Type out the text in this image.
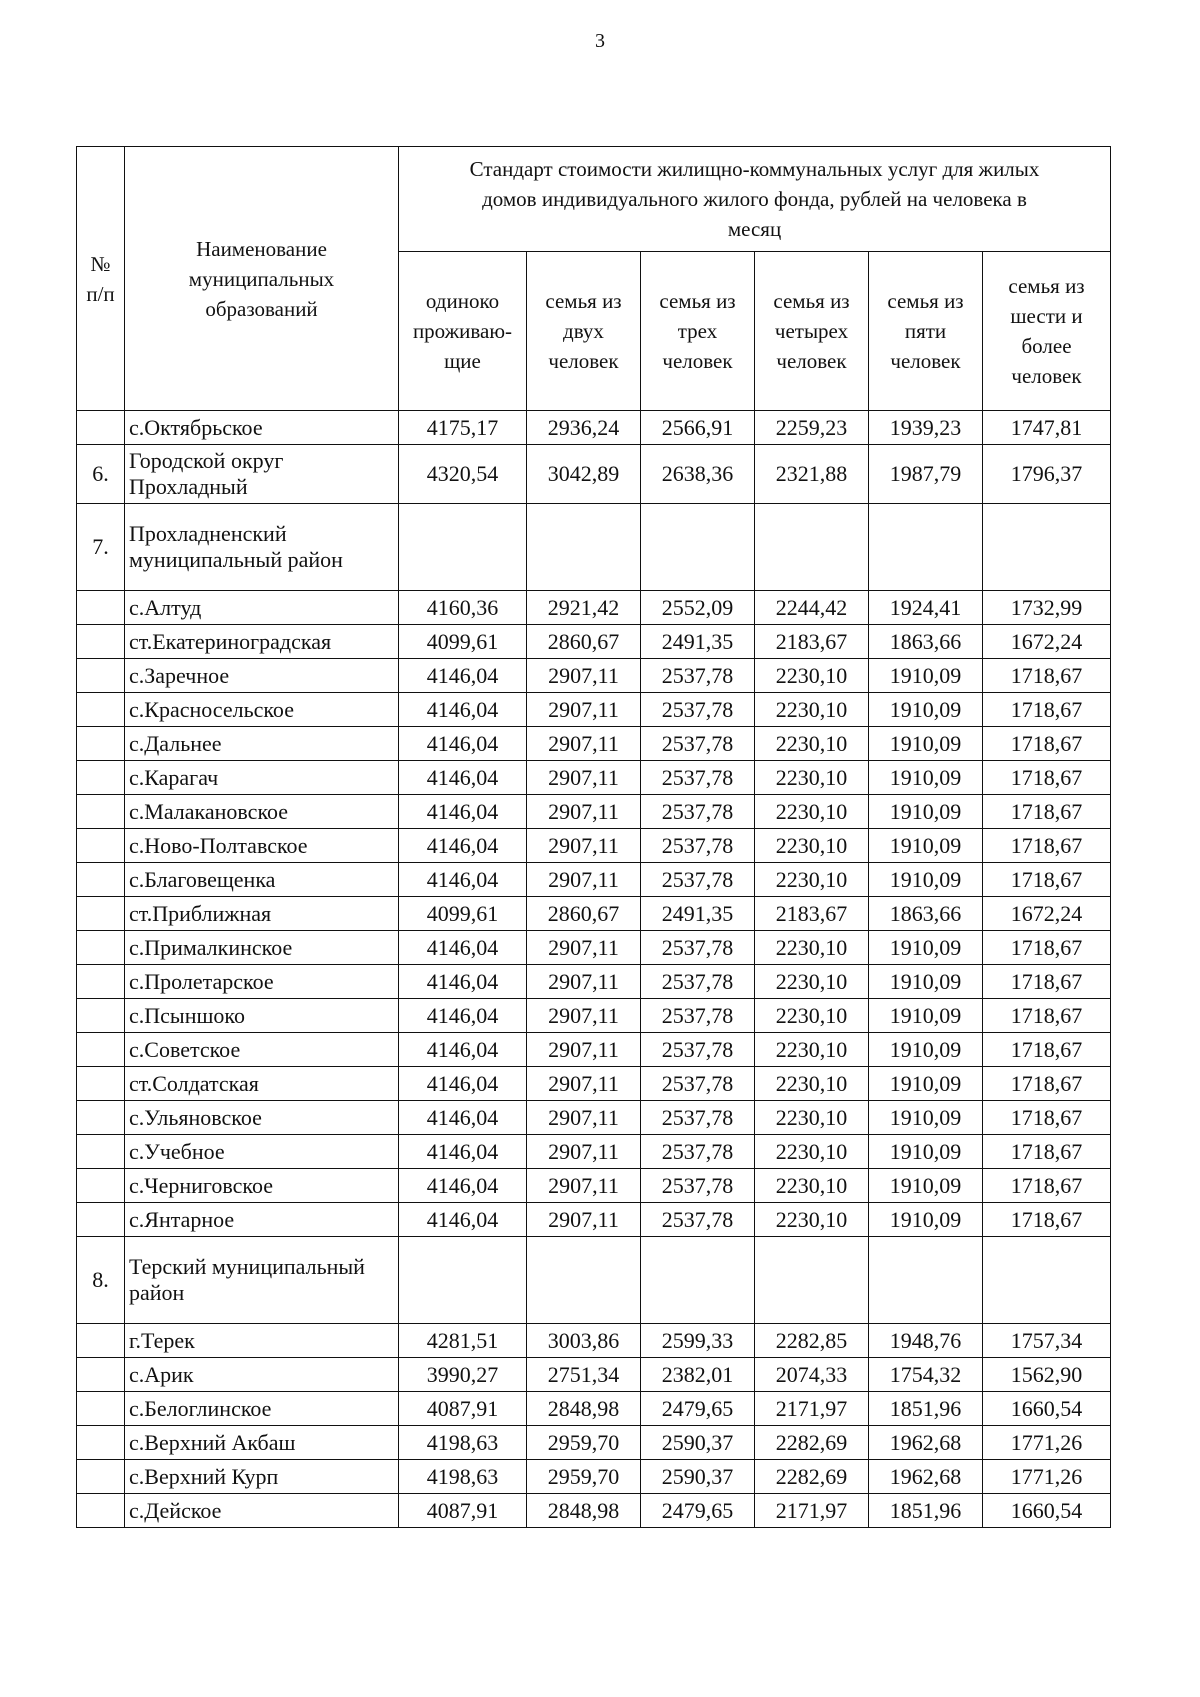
3
№ п/п	Наименование муниципальных образований	Стандарт стоимости жилищно-коммунальных услуг для жилых домов индивидуального жилого фонда, рублей на человека в месяц					
		одиноко проживаю-щие	семья из двух человек	семья из трех человек	семья из четырех человек	семья из пяти человек	семья из шести и более человек
	с.Октябрьское	4175,17	2936,24	2566,91	2259,23	1939,23	1747,81
6.	Городской округ Прохладный	4320,54	3042,89	2638,36	2321,88	1987,79	1796,37
7.	Прохладненский муниципальный район						
	с.Алтуд	4160,36	2921,42	2552,09	2244,42	1924,41	1732,99
	ст.Екатериноградская	4099,61	2860,67	2491,35	2183,67	1863,66	1672,24
	с.Заречное	4146,04	2907,11	2537,78	2230,10	1910,09	1718,67
	с.Красносельское	4146,04	2907,11	2537,78	2230,10	1910,09	1718,67
	с.Дальнее	4146,04	2907,11	2537,78	2230,10	1910,09	1718,67
	с.Карагач	4146,04	2907,11	2537,78	2230,10	1910,09	1718,67
	с.Малакановское	4146,04	2907,11	2537,78	2230,10	1910,09	1718,67
	с.Ново-Полтавское	4146,04	2907,11	2537,78	2230,10	1910,09	1718,67
	с.Благовещенка	4146,04	2907,11	2537,78	2230,10	1910,09	1718,67
	ст.Приближная	4099,61	2860,67	2491,35	2183,67	1863,66	1672,24
	с.Прималкинское	4146,04	2907,11	2537,78	2230,10	1910,09	1718,67
	с.Пролетарское	4146,04	2907,11	2537,78	2230,10	1910,09	1718,67
	с.Псыншоко	4146,04	2907,11	2537,78	2230,10	1910,09	1718,67
	с.Советское	4146,04	2907,11	2537,78	2230,10	1910,09	1718,67
	ст.Солдатская	4146,04	2907,11	2537,78	2230,10	1910,09	1718,67
	с.Ульяновское	4146,04	2907,11	2537,78	2230,10	1910,09	1718,67
	с.Учебное	4146,04	2907,11	2537,78	2230,10	1910,09	1718,67
	с.Черниговское	4146,04	2907,11	2537,78	2230,10	1910,09	1718,67
	с.Янтарное	4146,04	2907,11	2537,78	2230,10	1910,09	1718,67
8.	Терский муниципальный район						
	г.Терек	4281,51	3003,86	2599,33	2282,85	1948,76	1757,34
	с.Арик	3990,27	2751,34	2382,01	2074,33	1754,32	1562,90
	с.Белоглинское	4087,91	2848,98	2479,65	2171,97	1851,96	1660,54
	с.Верхний Акбаш	4198,63	2959,70	2590,37	2282,69	1962,68	1771,26
	с.Верхний Курп	4198,63	2959,70	2590,37	2282,69	1962,68	1771,26
	с.Дейское	4087,91	2848,98	2479,65	2171,97	1851,96	1660,54
